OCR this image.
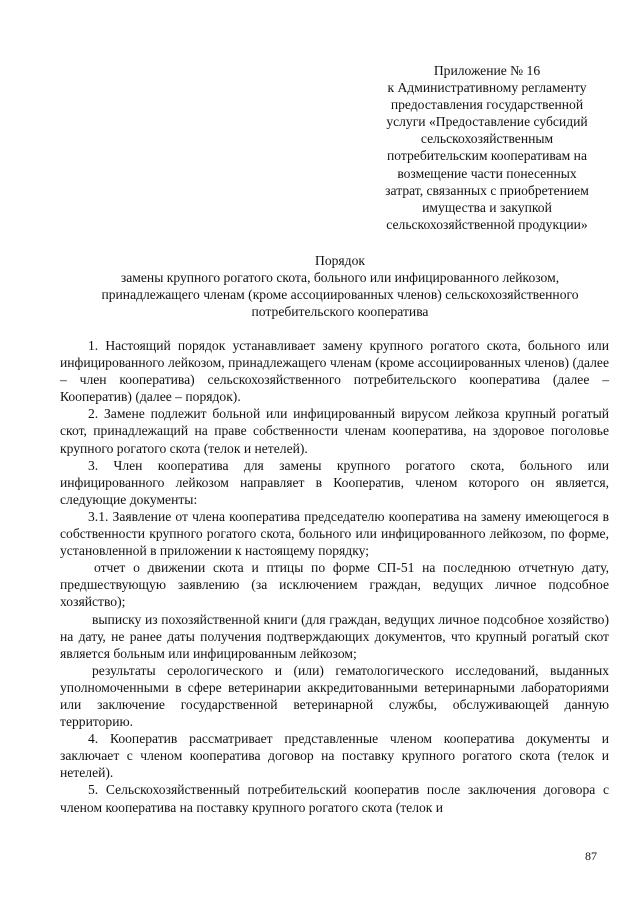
Приложение № 16
к Административному регламенту
предоставления государственной
услуги «Предоставление субсидий
сельскохозяйственным
потребительским кооперативам на
возмещение части понесенных
затрат, связанных с приобретением
имущества и закупкой
сельскохозяйственной продукции»
Порядок
замены крупного рогатого скота, больного или инфицированного лейкозом,
принадлежащего членам (кроме ассоциированных членов) сельскохозяйственного
потребительского кооператива

1. Настоящий порядок устанавливает замену крупного рогатого скота, больного или инфицированного лейкозом, принадлежащего членам (кроме ассоциированных членов) (далее – член кооператива) сельскохозяйственного потребительского кооператива (далее – Кооператив) (далее – порядок).

2. Замене подлежит больной или инфицированный вирусом лейкоза крупный рогатый скот, принадлежащий на праве собственности членам кооператива, на здоровое поголовье крупного рогатого скота (телок и нетелей).

3. Член кооператива для замены крупного рогатого скота, больного или инфицированного лейкозом направляет в Кооператив, членом которого он является, следующие документы:

3.1. Заявление от члена кооператива председателю кооператива на замену имеющегося в собственности крупного рогатого скота, больного или инфицированного лейкозом, по форме, установленной в приложении к настоящему порядку;

отчет о движении скота и птицы по форме СП-51 на последнюю отчетную дату, предшествующую заявлению (за исключением граждан, ведущих личное подсобное хозяйство);

выписку из похозяйственной книги (для граждан, ведущих личное подсобное хозяйство) на дату, не ранее даты получения подтверждающих документов, что крупный рогатый скот является больным или инфицированным лейкозом;

результаты серологического и (или) гематологического исследований, выданных уполномоченными в сфере ветеринарии аккредитованными ветеринарными лабораториями или заключение государственной ветеринарной службы, обслуживающей данную территорию.

4. Кооператив рассматривает представленные членом кооператива документы и заключает с членом кооператива договор на поставку крупного рогатого скота (телок и нетелей).

5. Сельскохозяйственный потребительский кооператив после заключения договора с членом кооператива на поставку крупного рогатого скота (телок и

87
